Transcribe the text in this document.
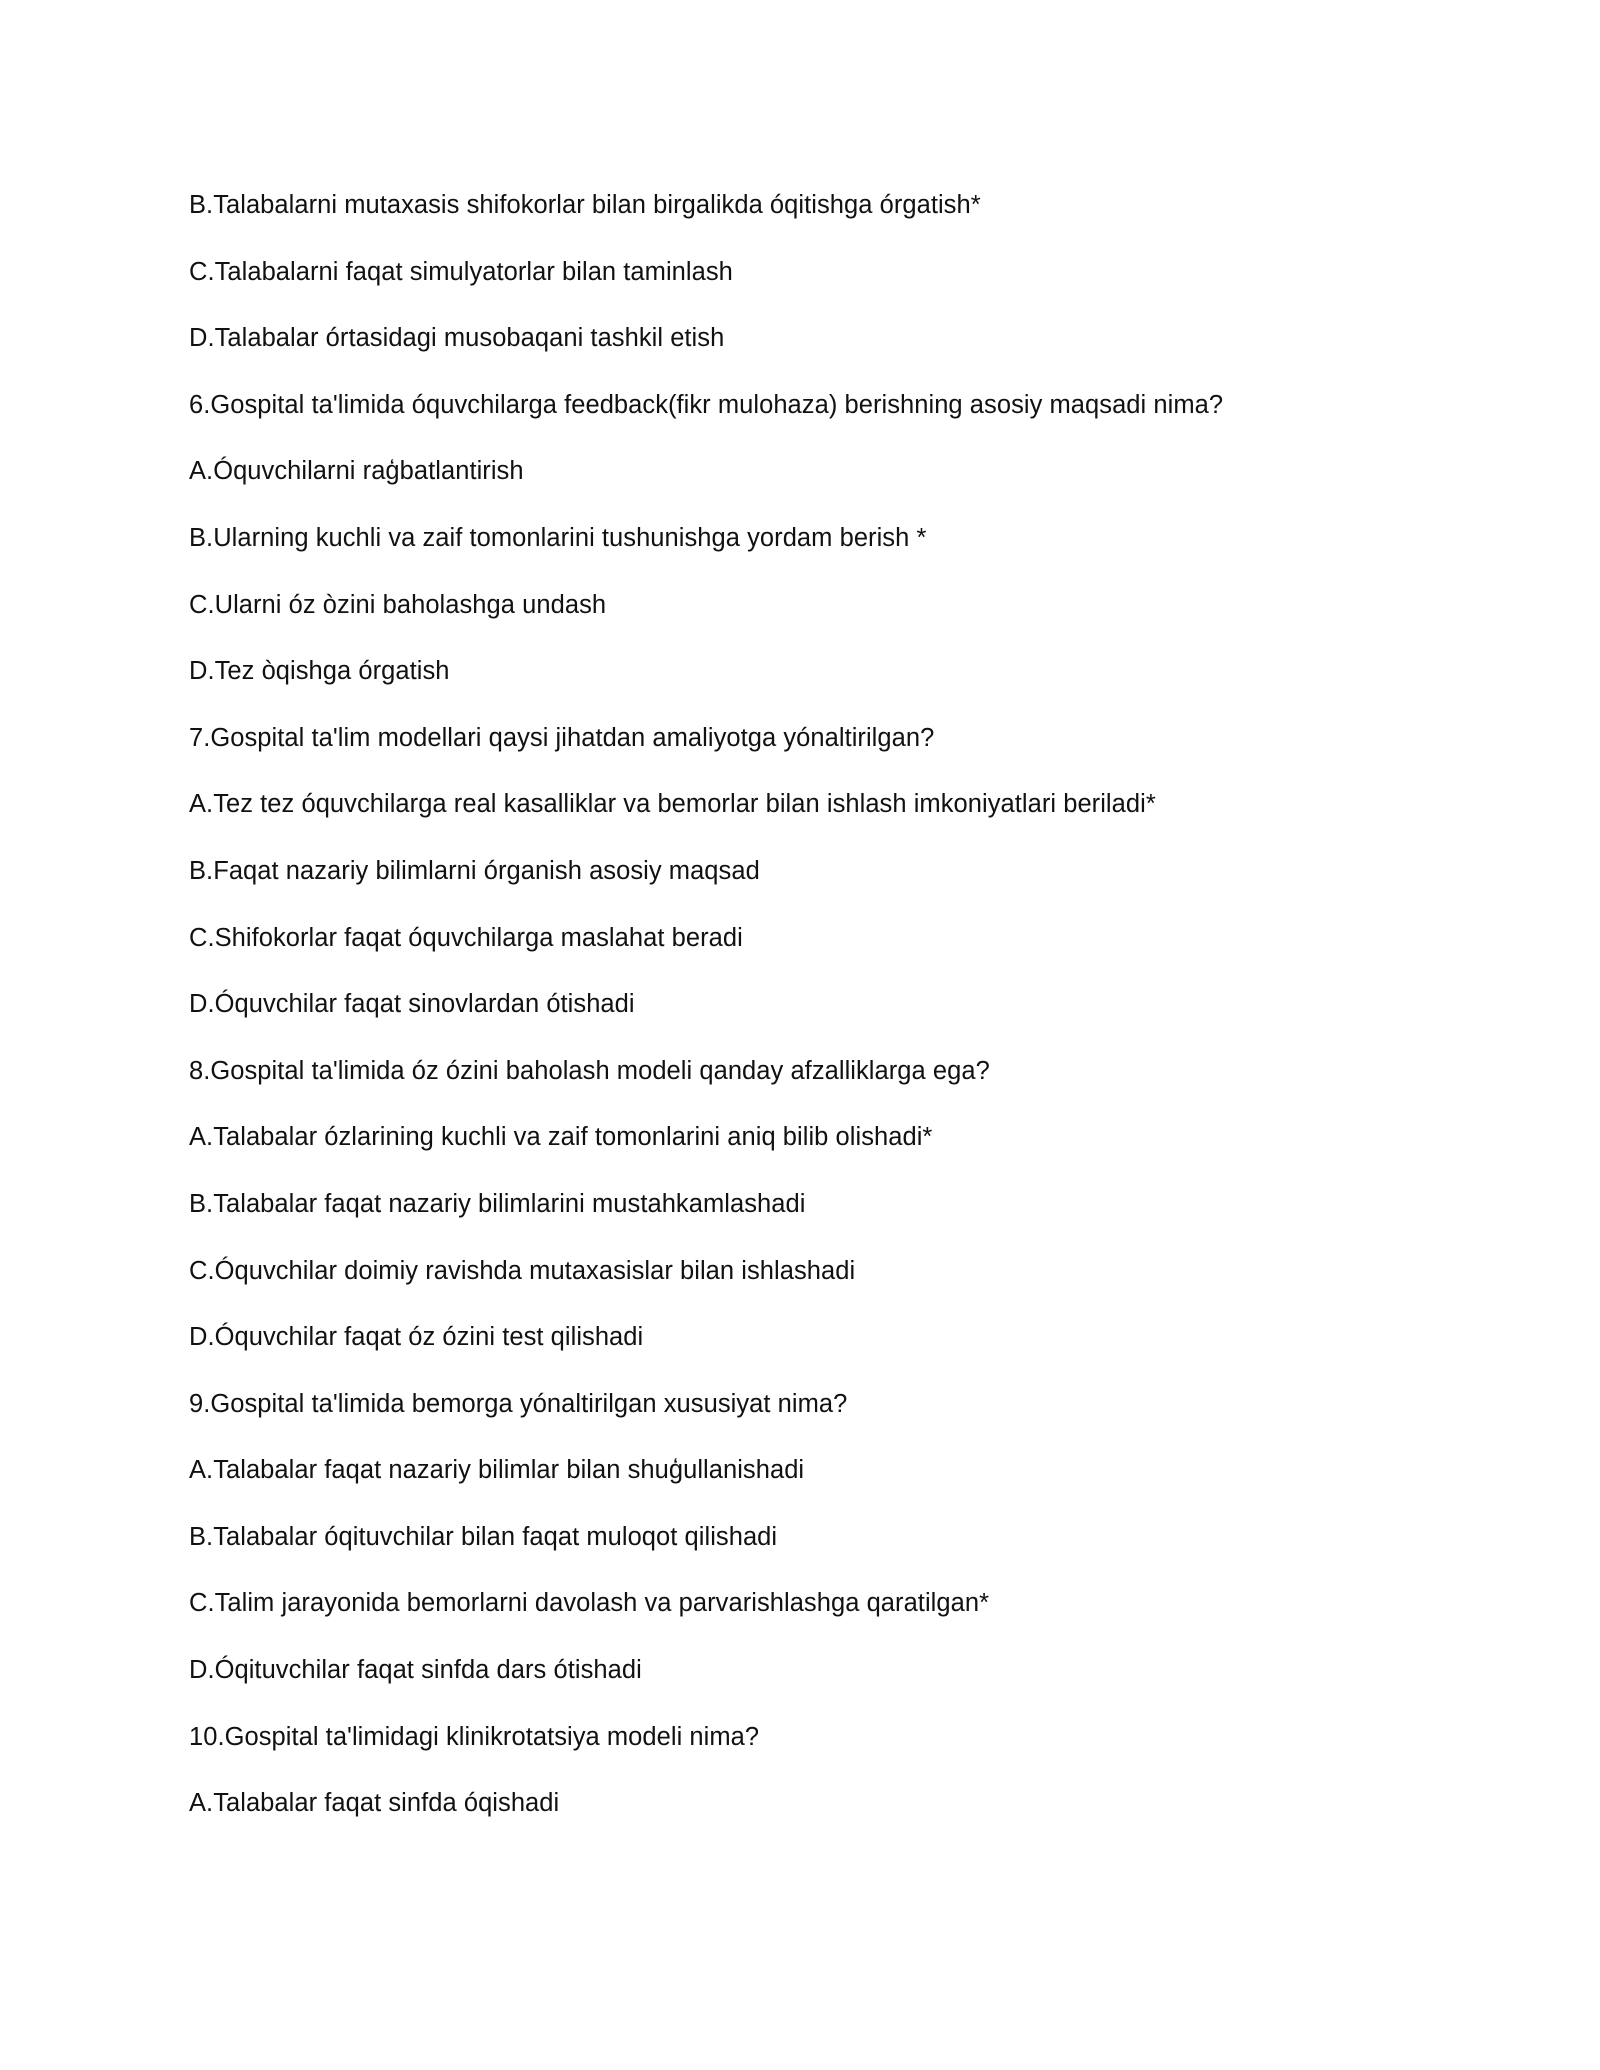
B.Talabalarni mutaxasis shifokorlar bilan birgalikda óqitishga órgatish*
C.Talabalarni faqat simulyatorlar bilan taminlash
D.Talabalar órtasidagi musobaqani tashkil etish
6.Gospital ta'limida óquvchilarga feedback(fikr mulohaza) berishning asosiy maqsadi nima?
A.Óquvchilarni raģbatlantirish
B.Ularning kuchli va zaif tomonlarini tushunishga yordam berish *
C.Ularni óz òzini baholashga undash
D.Tez òqishga órgatish
7.Gospital ta'lim modellari qaysi jihatdan amaliyotga yónaltirilgan?
A.Tez tez óquvchilarga real kasalliklar va bemorlar bilan ishlash imkoniyatlari beriladi*
B.Faqat nazariy bilimlarni órganish asosiy maqsad
C.Shifokorlar faqat óquvchilarga maslahat beradi
D.Óquvchilar faqat sinovlardan ótishadi
8.Gospital ta'limida óz ózini baholash modeli qanday afzalliklarga ega?
A.Talabalar ózlarining kuchli va zaif tomonlarini aniq bilib olishadi*
B.Talabalar faqat nazariy bilimlarini mustahkamlashadi
C.Óquvchilar doimiy ravishda mutaxasislar bilan ishlashadi
D.Óquvchilar faqat óz ózini test qilishadi
9.Gospital ta'limida bemorga yónaltirilgan xususiyat nima?
A.Talabalar faqat nazariy bilimlar bilan shuģullanishadi
B.Talabalar óqituvchilar bilan faqat muloqot qilishadi
C.Talim jarayonida bemorlarni davolash va parvarishlashga qaratilgan*
D.Óqituvchilar faqat sinfda dars ótishadi
10.Gospital ta'limidagi klinikrotatsiya modeli nima?
A.Talabalar faqat sinfda óqishadi
